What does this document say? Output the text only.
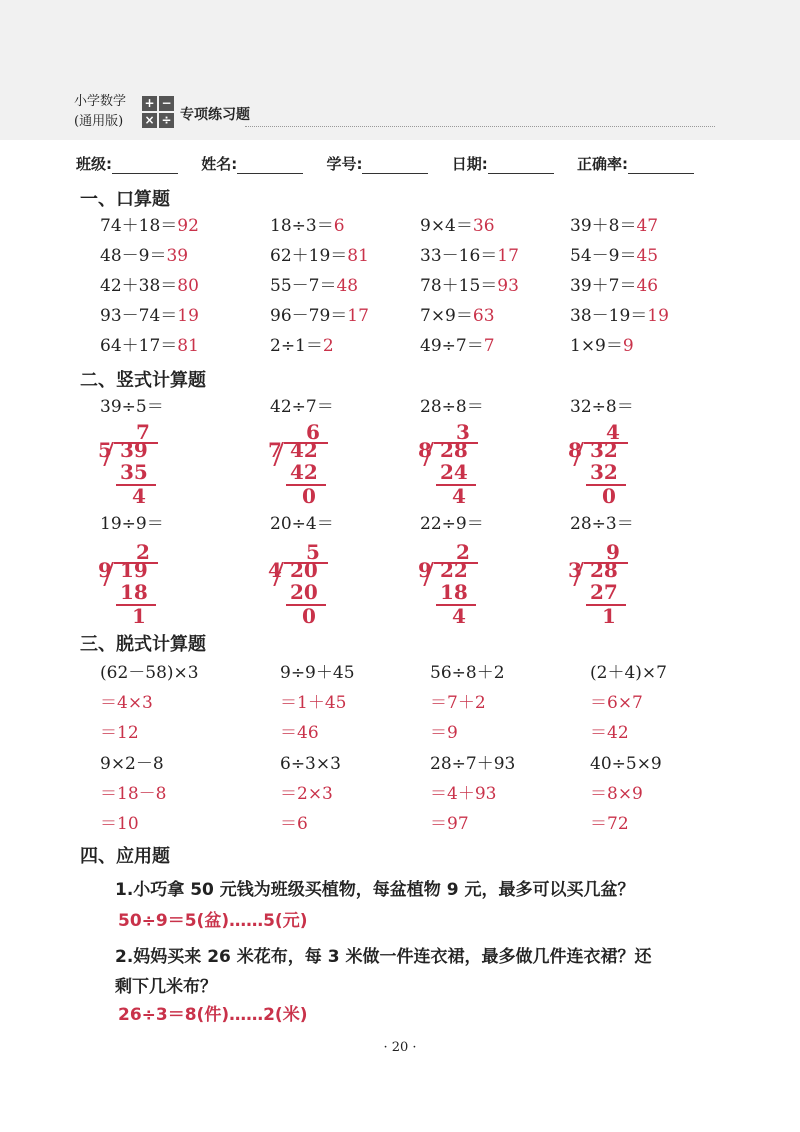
小学数学
(通用版)
+ −
× ÷ 专项练习题
班级:	姓名:	学号:	日期:	正确率:
一、口算题
74＋18＝92	18÷3＝6	9×4＝36	39＋8＝47
48－9＝39	62＋19＝81	33－16＝17	54－9＝45
42＋38＝80	55－7＝48	78＋15＝93	39＋7＝46
93－74＝19	96－79＝17	7×9＝63	38－19＝19
64＋17＝81	2÷1＝2	49÷7＝7	1×9＝9
二、竖式计算题
39÷5＝	42÷7＝	28÷8＝	32÷8＝
7
5 39
35
4
6
7 42
42
0
3
8 28
24
4
4
8 32
32
0
19÷9＝	20÷4＝	22÷9＝	28÷3＝
2
9 19
18
1
5
4 20
20
0
2
9 22
18
4
9
3 28
27
1
三、脱式计算题
(62－58)×3	9÷9＋45	56÷8＋2	(2＋4)×7
＝4×3	＝1＋45	＝7＋2	＝6×7
＝12	＝46	＝9	＝42
9×2－8	6÷3×3	28÷7＋93	40÷5×9
＝18－8	＝2×3	＝4＋93	＝8×9
＝10	＝6	＝97	＝72
四、应用题
1.小巧拿 50 元钱为班级买植物，每盆植物 9 元，最多可以买几盆？
50÷9＝5(盆)……5(元)
2.妈妈买来 26 米花布，每 3 米做一件连衣裙，最多做几件连衣裙？还
剩下几米布？
26÷3＝8(件)……2(米)
· 20 ·
